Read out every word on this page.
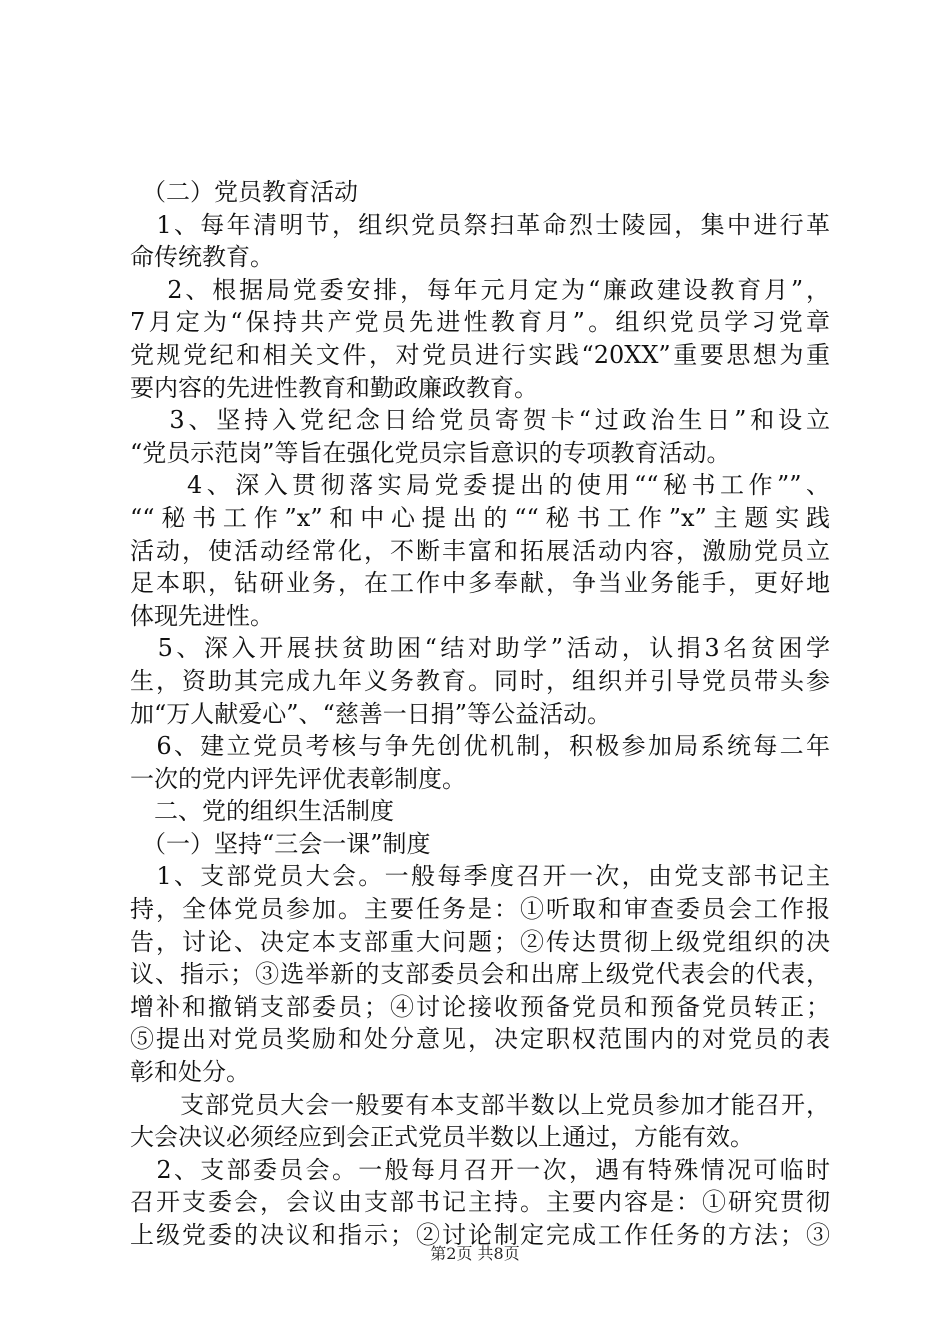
　（二）党员教育活动
　1、每年清明节，组织党员祭扫革命烈士陵园，集中进行革
命传统教育。
　 2、根据局党委安排，每年元月定为“廉政建设教育月”，
7月定为“保持共产党员先进性教育月”。组织党员学习党章
党规党纪和相关文件，对党员进行实践“20XX”重要思想为重
要内容的先进性教育和勤政廉政教育。
　 3、坚持入党纪念日给党员寄贺卡“过政治生日”和设立
“党员示范岗”等旨在强化党员宗旨意识的专项教育活动。
　　4、深入贯彻落实局党委提出的使用““秘书工作””、
““秘书工作”x”和中心提出的““秘书工作”x”主题实践
活动，使活动经常化，不断丰富和拓展活动内容，激励党员立
足本职，钻研业务，在工作中多奉献，争当业务能手，更好地
体现先进性。
　5、深入开展扶贫助困“结对助学”活动，认捐3名贫困学
生，资助其完成九年义务教育。同时，组织并引导党员带头参
加“万人献爱心”、“慈善一日捐”等公益活动。
　6、建立党员考核与争先创优机制，积极参加局系统每二年
一次的党内评先评优表彰制度。
　二、党的组织生活制度
　（一）坚持“三会一课”制度
　1、支部党员大会。一般每季度召开一次，由党支部书记主
持，全体党员参加。主要任务是：①听取和审查委员会工作报
告，讨论、决定本支部重大问题；②传达贯彻上级党组织的决
议、指示；③选举新的支部委员会和出席上级党代表会的代表，
增补和撤销支部委员；④讨论接收预备党员和预备党员转正；
⑤提出对党员奖励和处分意见，决定职权范围内的对党员的表
彰和处分。
　　支部党员大会一般要有本支部半数以上党员参加才能召开，
大会决议必须经应到会正式党员半数以上通过，方能有效。
　2、支部委员会。一般每月召开一次，遇有特殊情况可临时
召开支委会，会议由支部书记主持。主要内容是：①研究贯彻
上级党委的决议和指示；②讨论制定完成工作任务的方法；③
第2页 共8页
